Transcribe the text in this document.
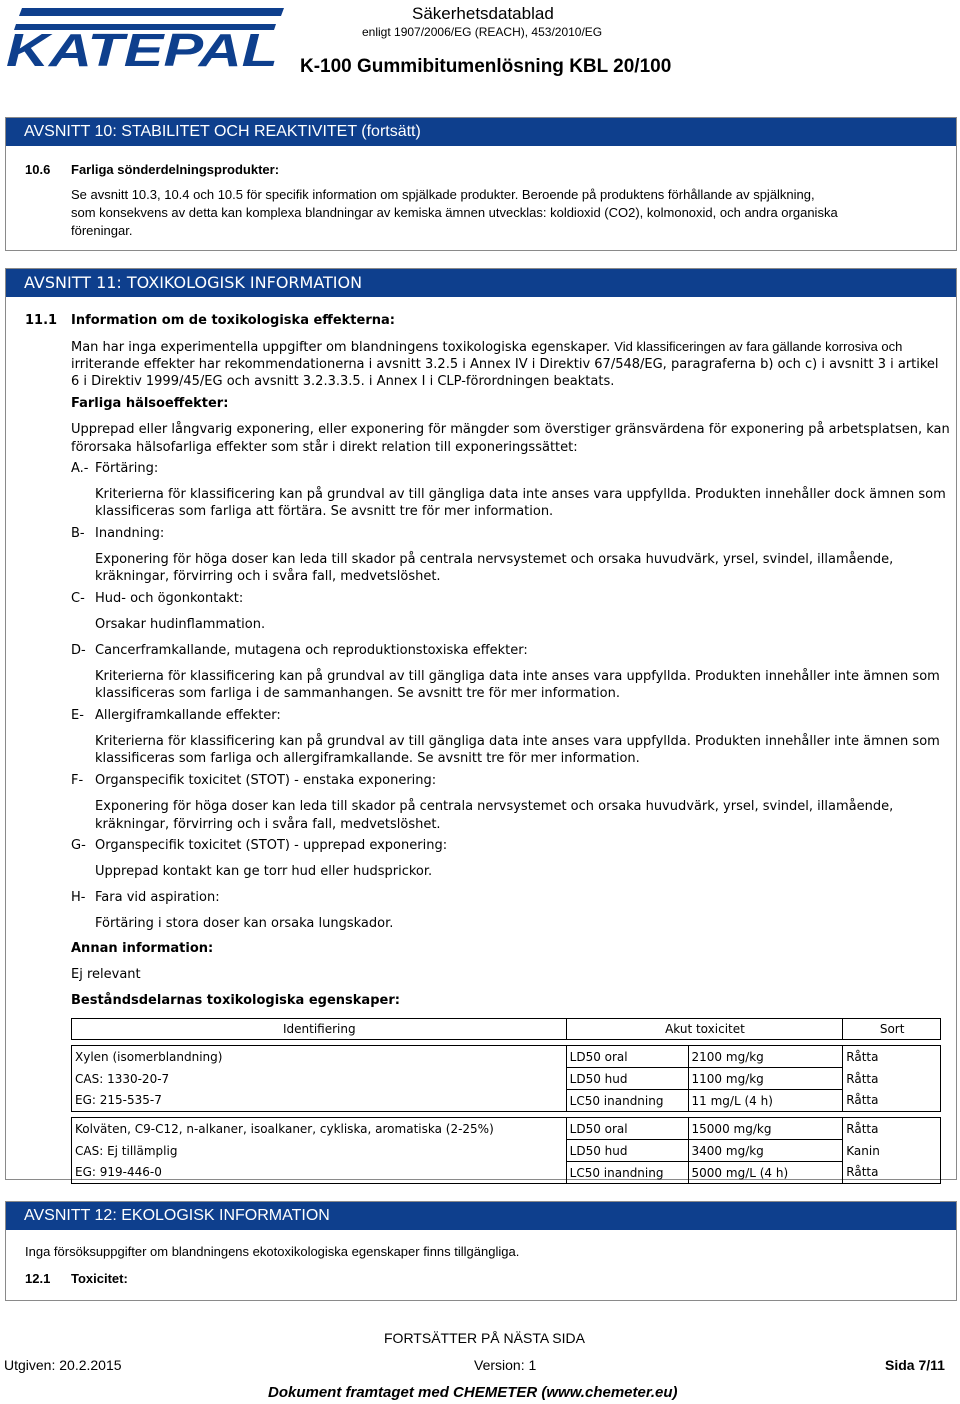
KATEPAL
Säkerhetsdatablad
enligt 1907/2006/EG (REACH), 453/2010/EG
K-100 Gummibitumenlösning KBL 20/100
AVSNITT 10: STABILITET OCH REAKTIVITET (fortsätt)
10.6 Farliga sönderdelningsprodukter:
Se avsnitt 10.3, 10.4 och 10.5 för specifik information om spjälkade produkter. Beroende på produktens förhållande av spjälkning,
som konsekvens av detta kan komplexa blandningar av kemiska ämnen utvecklas: koldioxid (CO2), kolmonoxid, och andra organiska
föreningar.
AVSNITT 11: TOXIKOLOGISK INFORMATION
11.1 Information om de toxikologiska effekterna:
Man har inga experimentella uppgifter om blandningens toxikologiska egenskaper. Vid klassificeringen av fara gällande korrosiva och
irriterande effekter har rekommendationerna i avsnitt 3.2.5 i Annex IV i Direktiv 67/548/EG, paragraferna b) och c) i avsnitt 3 i artikel
6 i Direktiv 1999/45/EG och avsnitt 3.2.3.3.5. i Annex I i CLP-förordningen beaktats.
Farliga hälsoeffekter:
Upprepad eller långvarig exponering, eller exponering för mängder som överstiger gränsvärdena för exponering på arbetsplatsen, kan
förorsaka hälsofarliga effekter som står i direkt relation till exponeringssättet:
A.- Förtäring:
Kriterierna för klassificering kan på grundval av till gängliga data inte anses vara uppfyllda. Produkten innehåller dock ämnen som
klassificeras som farliga att förtära. Se avsnitt tre för mer information.
B- Inandning:
Exponering för höga doser kan leda till skador på centrala nervsystemet och orsaka huvudvärk, yrsel, svindel, illamående,
kräkningar, förvirring och i svåra fall, medvetslöshet.
C- Hud- och ögonkontakt:
Orsakar hudinflammation.
D- Cancerframkallande, mutagena och reproduktionstoxiska effekter:
Kriterierna för klassificering kan på grundval av till gängliga data inte anses vara uppfyllda. Produkten innehåller inte ämnen som
klassificeras som farliga i de sammanhangen. Se avsnitt tre för mer information.
E- Allergiframkallande effekter:
Kriterierna för klassificering kan på grundval av till gängliga data inte anses vara uppfyllda. Produkten innehåller inte ämnen som
klassificeras som farliga och allergiframkallande. Se avsnitt tre för mer information.
F- Organspecifik toxicitet (STOT) - enstaka exponering:
Exponering för höga doser kan leda till skador på centrala nervsystemet och orsaka huvudvärk, yrsel, svindel, illamående,
kräkningar, förvirring och i svåra fall, medvetslöshet.
G- Organspecifik toxicitet (STOT) - upprepad exponering:
Upprepad kontakt kan ge torr hud eller hudsprickor.
H- Fara vid aspiration:
Förtäring i stora doser kan orsaka lungskador.
Annan information:
Ej relevant
Beståndsdelarnas toxikologiska egenskaper:
Identifiering	Akut toxicitet		Sort

Xylen (isomerblandning)	LD50 oral	2100 mg/kg	Råtta
CAS: 1330-20-7	LD50 hud	1100 mg/kg	Råtta
EG: 215-535-7	LC50 inandning	11 mg/L (4 h)	Råtta

Kolväten, C9-C12, n-alkaner, isoalkaner, cykliska, aromatiska (2-25%)	LD50 oral	15000 mg/kg	Råtta
CAS: Ej tillämplig	LD50 hud	3400 mg/kg	Kanin
EG: 919-446-0	LC50 inandning	5000 mg/L (4 h)	Råtta
AVSNITT 12: EKOLOGISK INFORMATION
Inga försöksuppgifter om blandningens ekotoxikologiska egenskaper finns tillgängliga.
12.1 Toxicitet:
FORTSÄTTER PÅ NÄSTA SIDA
Utgiven: 20.2.2015	Version: 1	Sida 7/11
Dokument framtaget med CHEMETER (www.chemeter.eu)
